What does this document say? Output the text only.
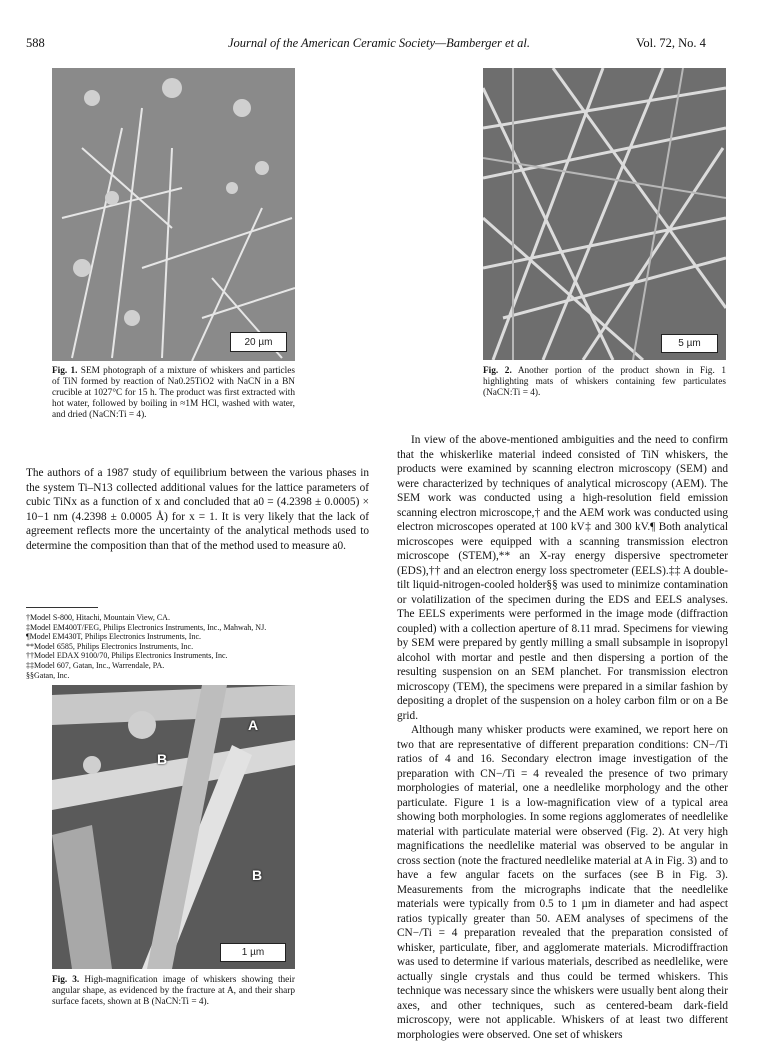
588	Journal of the American Ceramic Society—Bamberger et al.	Vol. 72, No. 4
20 µm
Fig. 1. SEM photograph of a mixture of whiskers and particles of TiN formed by reaction of Na0.25TiO2 with NaCN in a BN crucible at 1027°C for 15 h. The product was first extracted with hot water, followed by boiling in ≈1M HCl, washed with water, and dried (NaCN:Ti = 4).
5 µm
Fig. 2. Another portion of the product shown in Fig. 1 highlighting mats of whiskers containing few particulates (NaCN:Ti = 4).

The authors of a 1987 study of equilibrium between the various phases in the system Ti–N13 collected additional values for the lattice parameters of cubic TiNx as a function of x and concluded that a0 = (4.2398 ± 0.0005) × 10−1 nm (4.2398 ± 0.0005 Å) for x = 1. It is very likely that the lack of agreement reflects more the uncertainty of the analytical methods used to determine the composition than that of the method used to measure a0.

†Model S-800, Hitachi, Mountain View, CA.
‡Model EM400T/FEG, Philips Electronics Instruments, Inc., Mahwah, NJ.
¶Model EM430T, Philips Electronics Instruments, Inc.
**Model 6585, Philips Electronics Instruments, Inc.
††Model EDAX 9100/70, Philips Electronics Instruments, Inc.
‡‡Model 607, Gatan, Inc., Warrendale, PA.
§§Gatan, Inc.
B
A
B
1 µm
Fig. 3. High-magnification image of whiskers showing their angular shape, as evidenced by the fracture at A, and their sharp surface facets, shown at B (NaCN:Ti = 4).

In view of the above-mentioned ambiguities and the need to confirm that the whiskerlike material indeed consisted of TiN whiskers, the products were examined by scanning electron microscopy (SEM) and were characterized by techniques of analytical microscopy (AEM). The SEM work was conducted using a high-resolution field emission scanning electron microscope,† and the AEM work was conducted using electron microscopes operated at 100 kV‡ and 300 kV.¶ Both analytical microscopes were equipped with a scanning transmission electron microscope (STEM),** an X-ray energy dispersive spectrometer (EDS),†† and an electron energy loss spectrometer (EELS).‡‡ A double-tilt liquid-nitrogen-cooled holder§§ was used to minimize contamination or volatilization of the specimen during the EDS and EELS analyses. The EELS experiments were performed in the image mode (diffraction coupled) with a collection aperture of 8.11 mrad. Specimens for viewing by SEM were prepared by gently milling a small subsample in isopropyl alcohol with mortar and pestle and then dispersing a portion of the resulting suspension on an SEM planchet. For transmission electron microscopy (TEM), the specimens were prepared in a similar fashion by depositing a droplet of the suspension on a holey carbon film or on a Be grid.

Although many whisker products were examined, we report here on two that are representative of different preparation conditions: CN−/Ti ratios of 4 and 16. Secondary electron image investigation of the preparation with CN−/Ti = 4 revealed the presence of two primary morphologies of material, one a needlelike morphology and the other particulate. Figure 1 is a low-magnification view of a typical area showing both morphologies. In some regions agglomerates of needlelike material with particulate material were observed (Fig. 2). At very high magnifications the needlelike material was observed to be angular in cross section (note the fractured needlelike material at A in Fig. 3) and to have a few angular facets on the surfaces (see B in Fig. 3). Measurements from the micrographs indicate that the needlelike materials were typically from 0.5 to 1 µm in diameter and had aspect ratios typically greater than 50. AEM analyses of specimens of the CN−/Ti = 4 preparation revealed that the preparation consisted of whisker, particulate, fiber, and agglomerate materials. Microdiffraction was used to determine if various materials, described as needlelike, were actually single crystals and thus could be termed whiskers. This technique was necessary since the whiskers were usually bent along their axes, and other techniques, such as centered-beam dark-field microscopy, were not applicable. Whiskers of at least two different morphologies were observed. One set of whiskers
